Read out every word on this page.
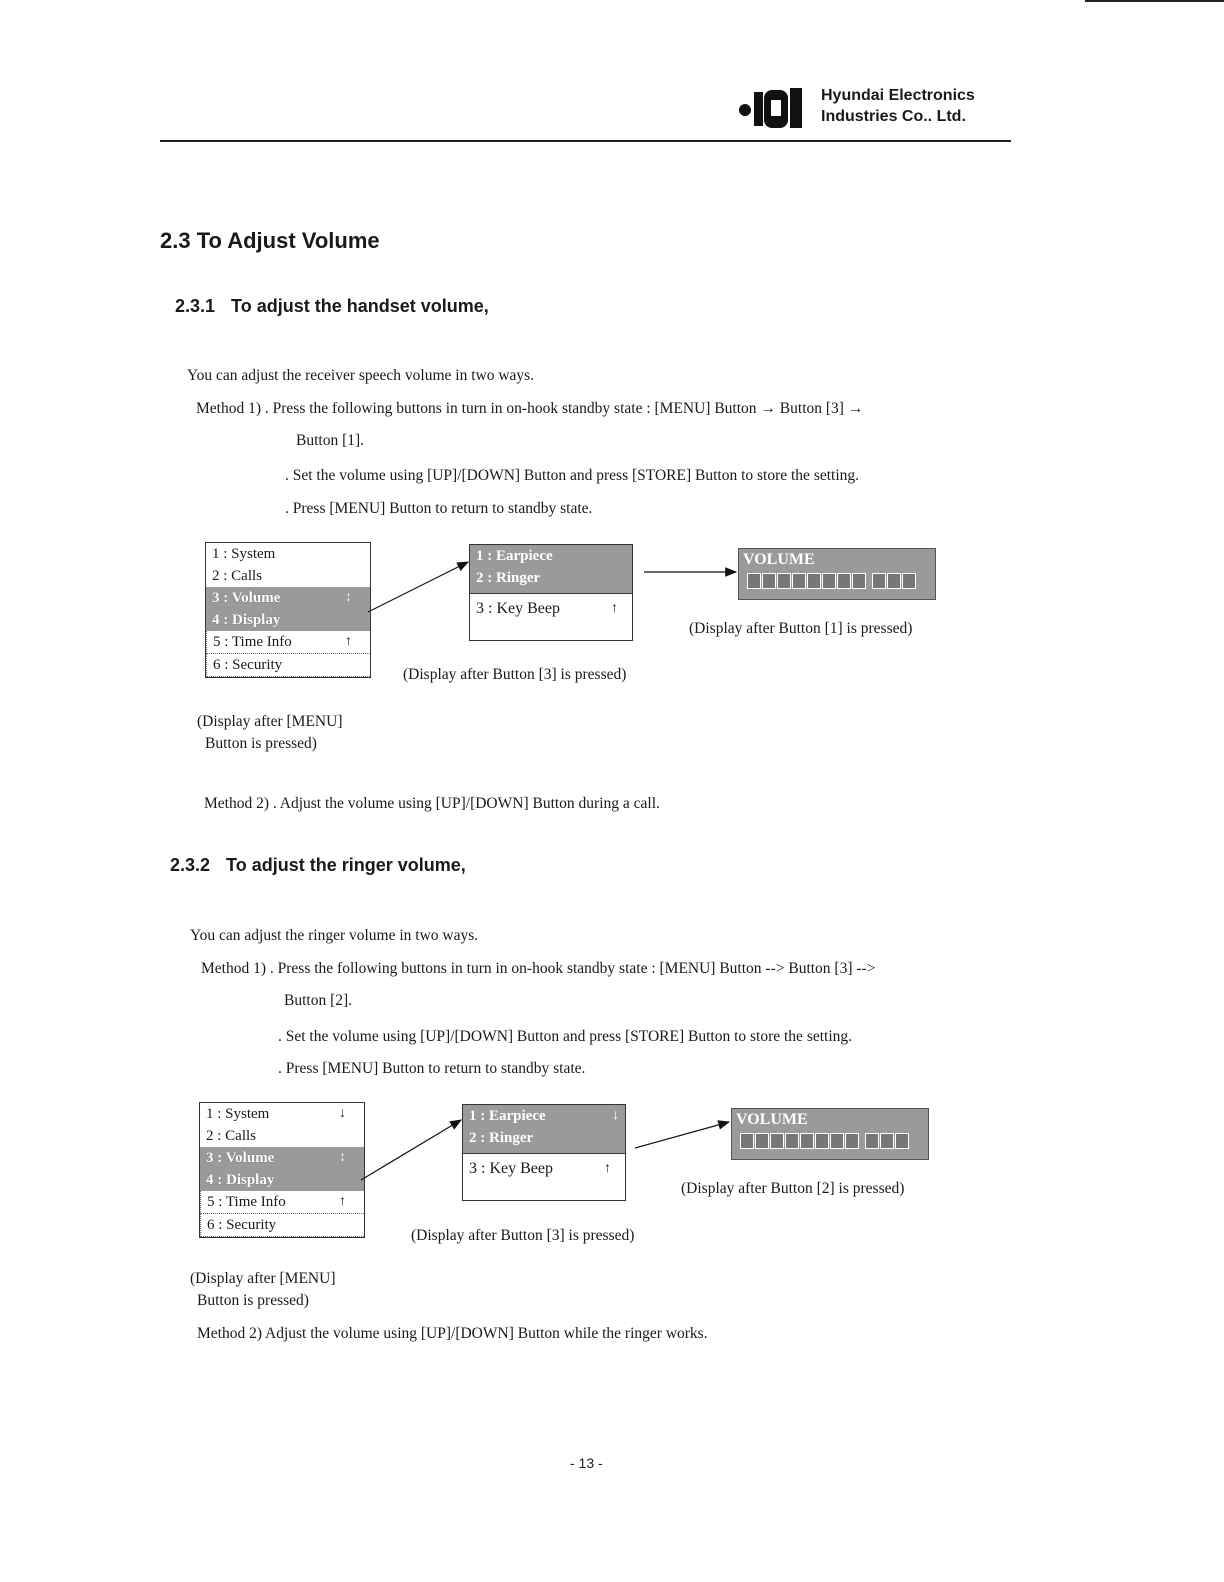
Hyundai Electronics
Industries Co.. Ltd.
2.3 To Adjust Volume
2.3.1 To adjust the handset volume,
You can adjust the receiver speech volume in two ways.
Method 1) . Press the following buttons in turn in on-hook standby state : [MENU] Button → Button [3] →
Button [1].
. Set the volume using [UP]/[DOWN] Button and press [STORE] Button to store the setting.
. Press [MENU] Button to return to standby state.
1 : System
2 : Calls
3 : Volume	↕
4 : Display
5 : Time Info	↑
6 : Security
1 : Earpiece
2 : Ringer
3 : Key Beep	↑
VOLUME
(Display after Button [3] is pressed)
(Display after Button [1] is pressed)
(Display after [MENU]
Button is pressed)
Method 2) . Adjust the volume using [UP]/[DOWN] Button during a call.
2.3.2 To adjust the ringer volume,
You can adjust the ringer volume in two ways.
Method 1) . Press the following buttons in turn in on-hook standby state : [MENU] Button --> Button [3] -->
Button [2].
. Set the volume using [UP]/[DOWN] Button and press [STORE] Button to store the setting.
. Press [MENU] Button to return to standby state.
1 : System	↓
2 : Calls
3 : Volume	↕
4 : Display
5 : Time Info	↑
6 : Security
1 : Earpiece	↓
2 : Ringer
3 : Key Beep	↑
VOLUME
(Display after Button [3] is pressed)
(Display after Button [2] is pressed)
(Display after [MENU]
Button is pressed)
Method 2) Adjust the volume using [UP]/[DOWN] Button while the ringer works.
- 13 -
